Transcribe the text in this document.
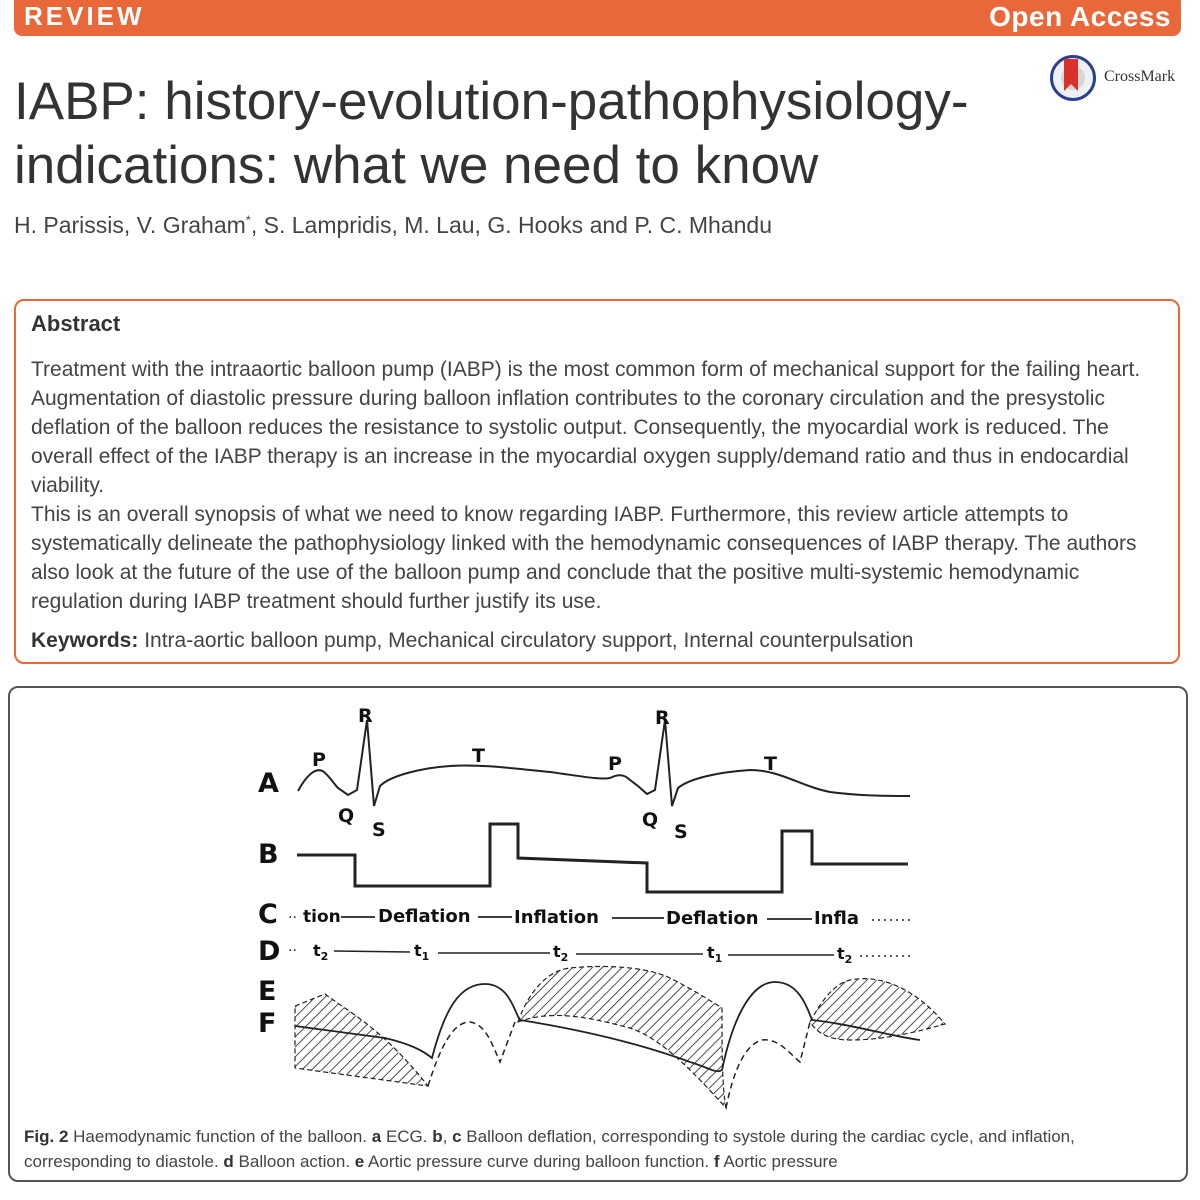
REVIEW	Open Access
CrossMark
IABP: history-evolution-pathophysiology-indications: what we need to know
H. Parissis, V. Graham*, S. Lampridis, M. Lau, G. Hooks and P. C. Mhandu
Abstract

Treatment with the intraaortic balloon pump (IABP) is the most common form of mechanical support for the failing heart. Augmentation of diastolic pressure during balloon inflation contributes to the coronary circulation and the presystolic deflation of the balloon reduces the resistance to systolic output. Consequently, the myocardial work is reduced. The overall effect of the IABP therapy is an increase in the myocardial oxygen supply/demand ratio and thus in endocardial viability.

This is an overall synopsis of what we need to know regarding IABP. Furthermore, this review article attempts to systematically delineate the pathophysiology linked with the hemodynamic consequences of IABP therapy. The authors also look at the future of the use of the balloon pump and conclude that the positive multi-systemic hemodynamic regulation during IABP treatment should further justify its use.

Keywords: Intra-aortic balloon pump, Mechanical circulatory support, Internal counterpulsation
A
B
C
D
E
F
P
R
Q
S
T	P
R
Q
S
T
·· tion Deflation Inflation	Deflation	Infla
·· $t_2$	$t_1$	$t_2$	$t_1$	$t_2$
Fig. 2 Haemodynamic function of the balloon. a ECG. b, c Balloon deflation, corresponding to systole during the cardiac cycle, and inflation, corresponding to diastole. d Balloon action. e Aortic pressure curve during balloon function. f Aortic pressure
